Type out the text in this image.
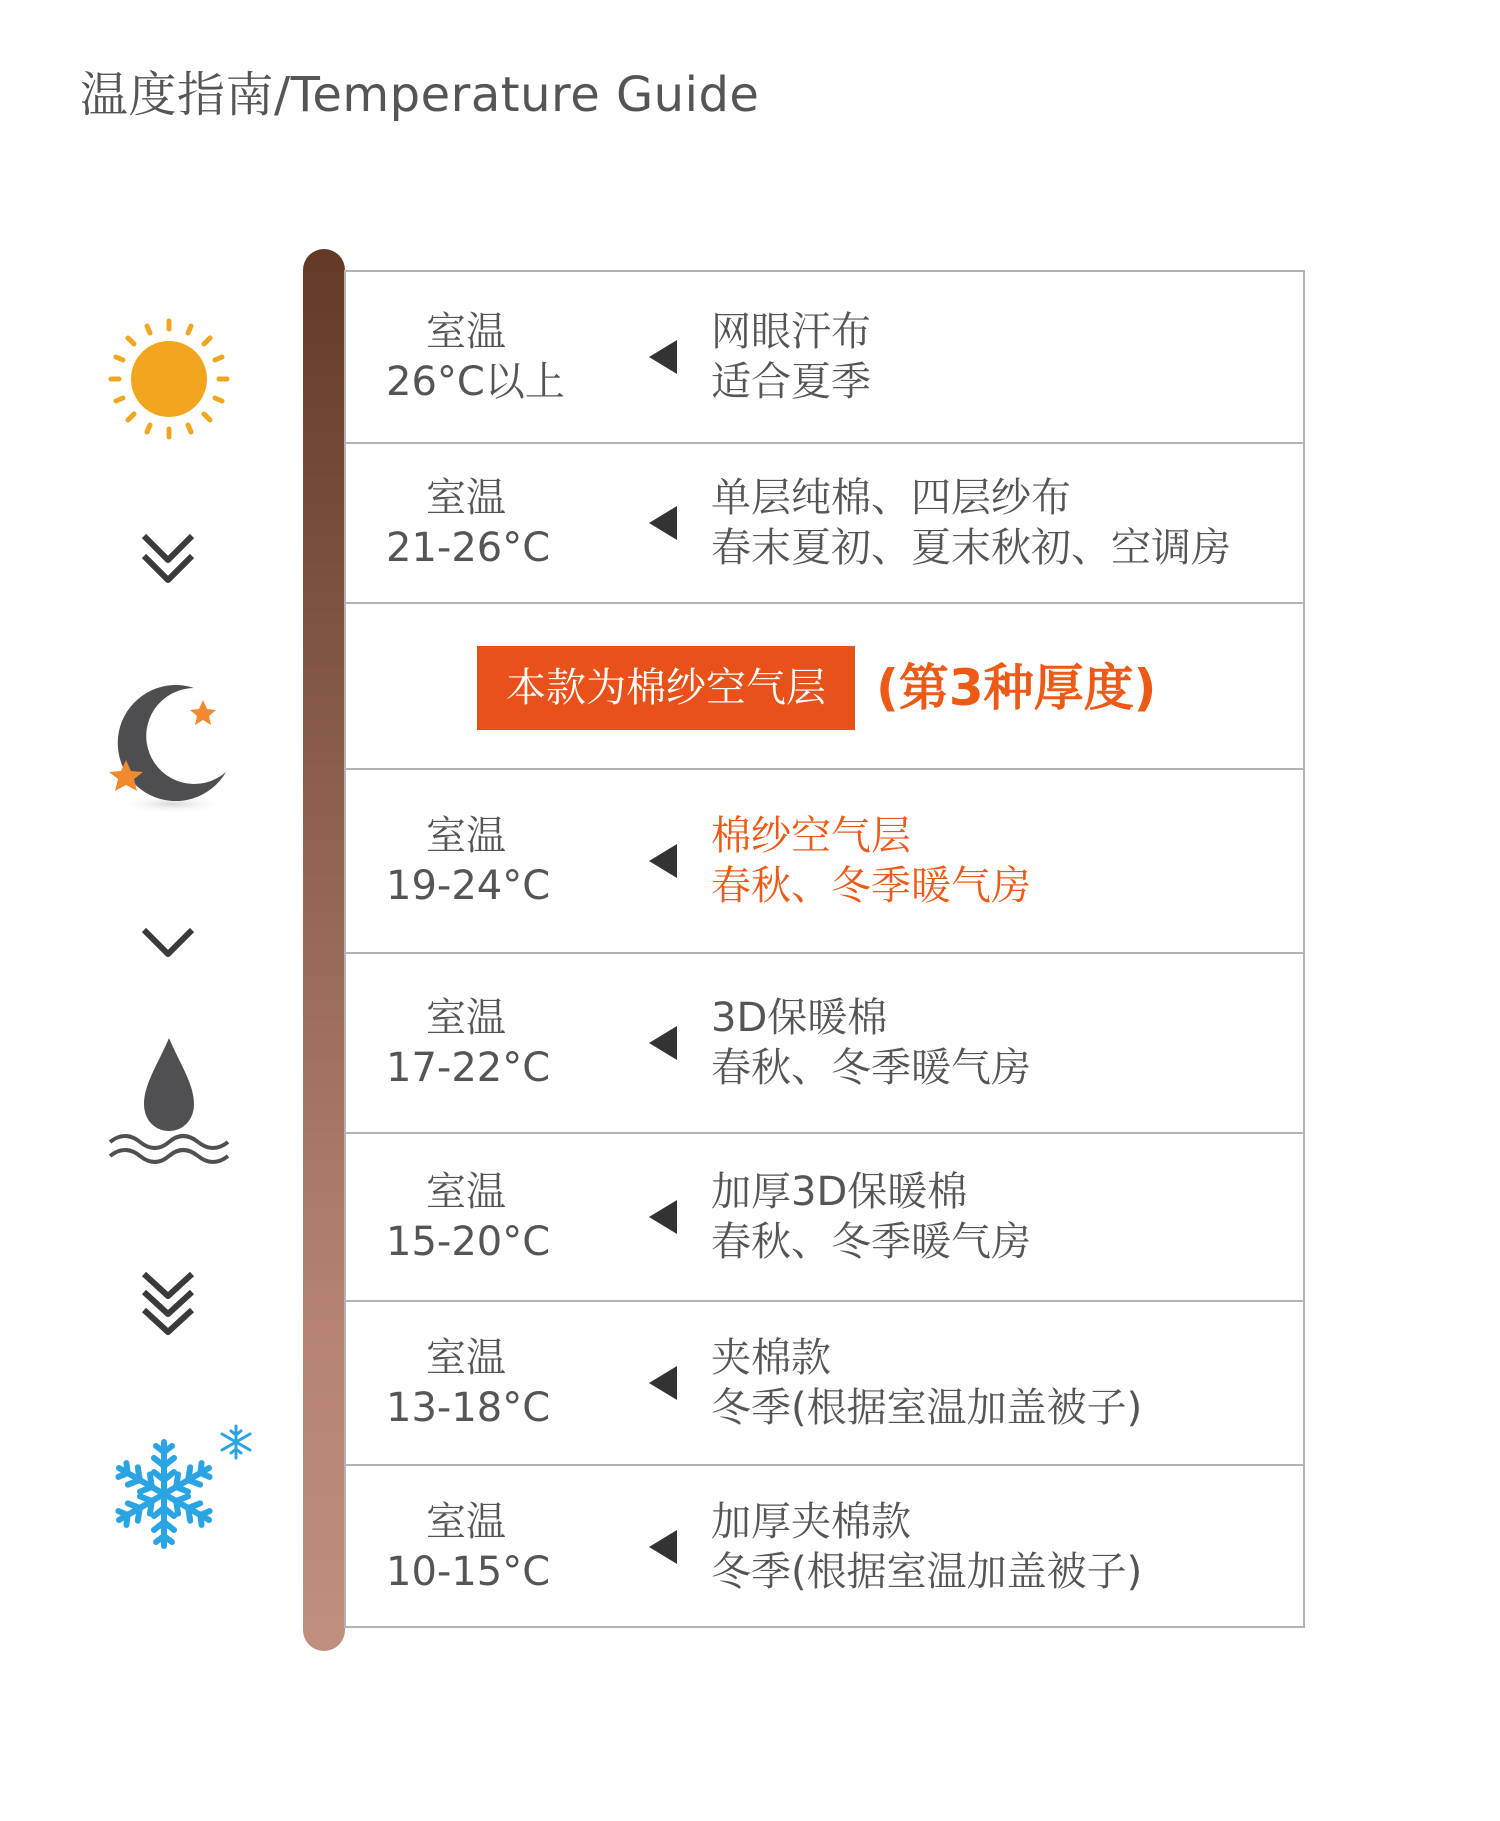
温度指南/Temperature Guide
室温
26°C以上
网眼汗布
适合夏季
室温
21-26°C
单层纯棉、四层纱布
春末夏初、夏末秋初、空调房
本款为棉纱空气层	(第3种厚度)
室温
19-24°C
棉纱空气层
春秋、冬季暖气房
室温
17-22°C
3D保暖棉
春秋、冬季暖气房
室温
15-20°C
加厚3D保暖棉
春秋、冬季暖气房
室温
13-18°C
夹棉款
冬季(根据室温加盖被子)
室温
10-15°C
加厚夹棉款
冬季(根据室温加盖被子)
